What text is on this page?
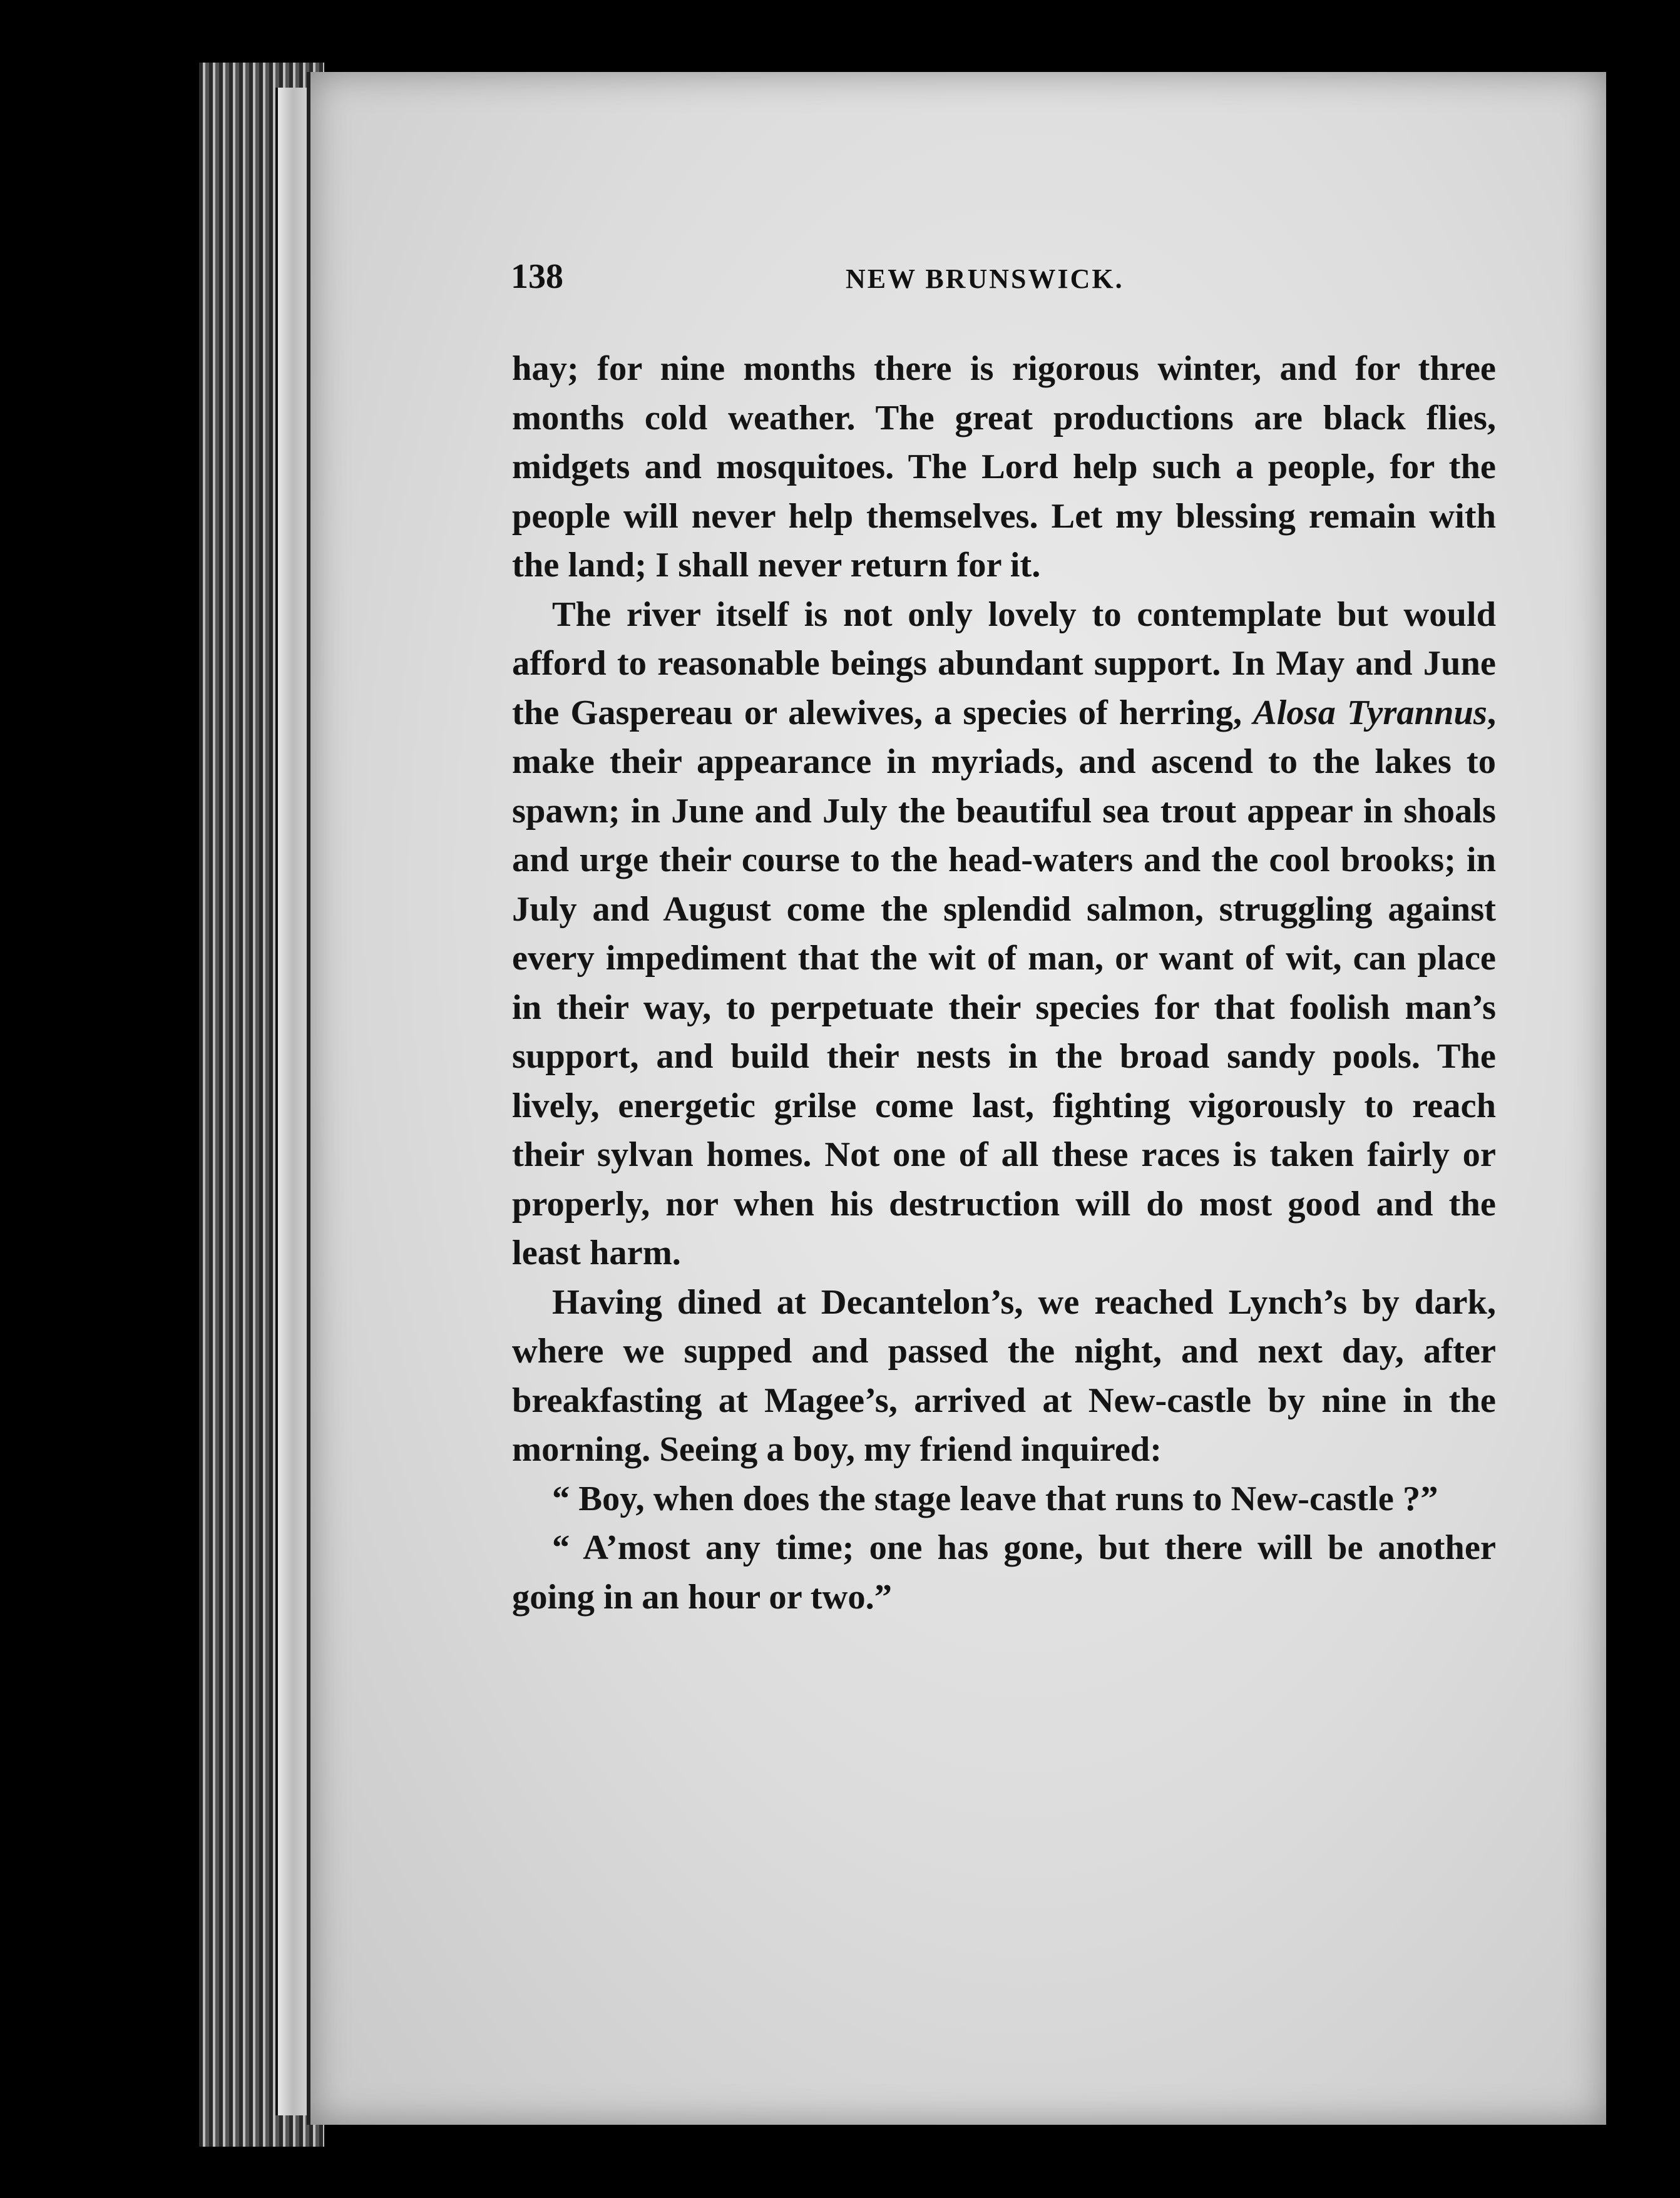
138	NEW BRUNSWICK.

hay; for nine months there is rigorous winter, and for three months cold weather. The great productions are black flies, midgets and mosquitoes. The Lord help such a people, for the people will never help themselves. Let my blessing remain with the land; I shall never return for it.

The river itself is not only lovely to contemplate but would afford to reasonable beings abundant support. In May and June the Gaspereau or alewives, a species of herring, Alosa Tyrannus, make their appearance in myriads, and ascend to the lakes to spawn; in June and July the beautiful sea trout appear in shoals and urge their course to the head-waters and the cool brooks; in July and August come the splendid salmon, struggling against every impediment that the wit of man, or want of wit, can place in their way, to perpetuate their species for that foolish man’s support, and build their nests in the broad sandy pools. The lively, energetic grilse come last, fighting vigorously to reach their sylvan homes. Not one of all these races is taken fairly or properly, nor when his destruction will do most good and the least harm.

Having dined at Decantelon’s, we reached Lynch’s by dark, where we supped and passed the night, and next day, after breakfasting at Magee’s, arrived at New-castle by nine in the morning. Seeing a boy, my friend inquired:

“ Boy, when does the stage leave that runs to New-castle ?”

“ A’most any time; one has gone, but there will be another going in an hour or two.”
